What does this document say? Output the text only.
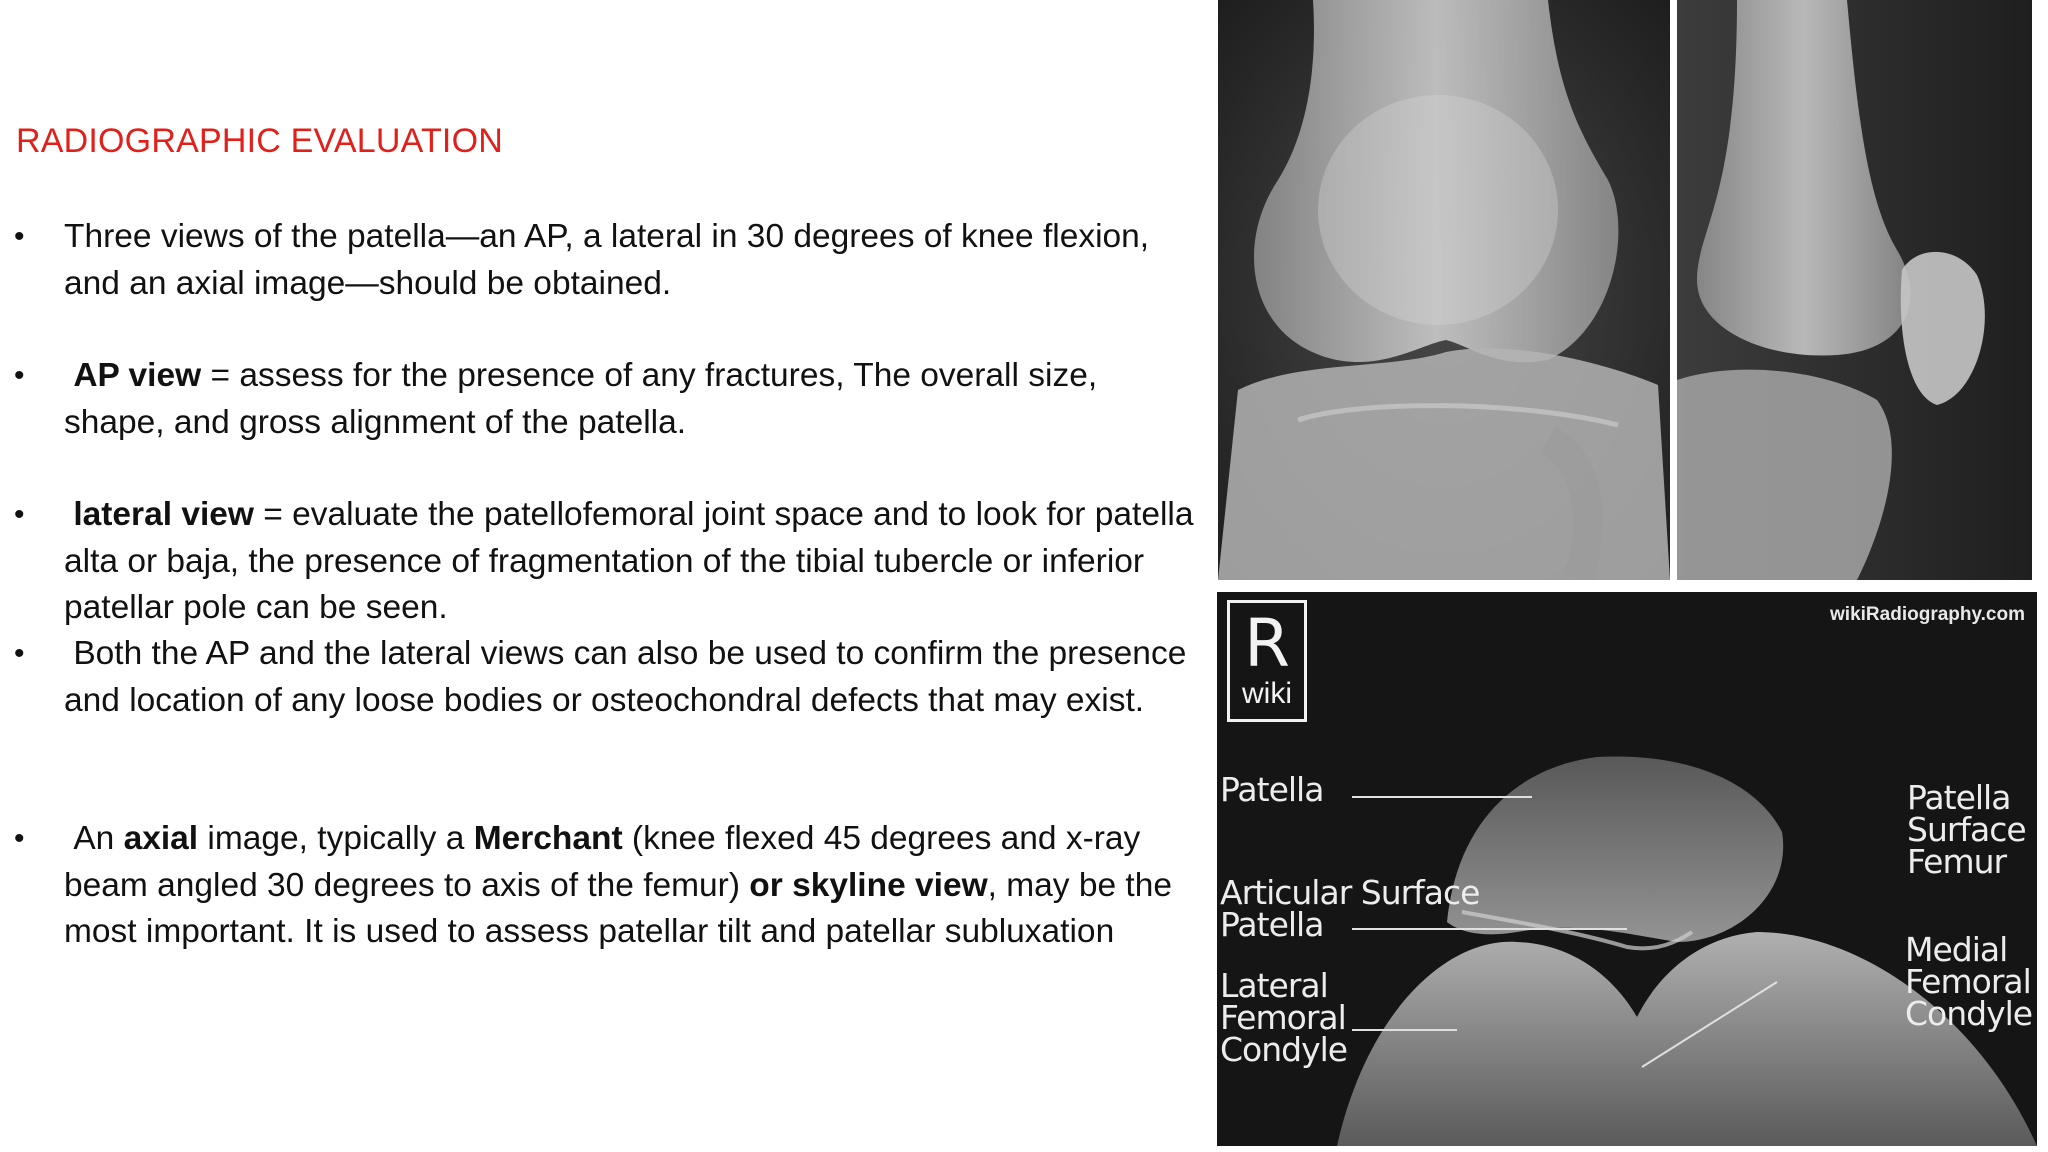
RADIOGRAPHIC EVALUATION
• Three views of the patella—an AP, a lateral in 30 degrees of knee flexion, and an axial image—should be obtained.
• AP view = assess for the presence of any fractures, The overall size, shape, and gross alignment of the patella.
• lateral view = evaluate the patellofemoral joint space and to look for patella alta or baja, the presence of fragmentation of the tibial tubercle or inferior patellar pole can be seen.
• Both the AP and the lateral views can also be used to confirm the presence and location of any loose bodies or osteochondral defects that may exist.
• An axial image, typically a Merchant (knee flexed 45 degrees and x-ray beam angled 30 degrees to axis of the femur) or skyline view, may be the most important. It is used to assess patellar tilt and patellar subluxation
R
wiki
wikiRadiography.com
Patella
Articular Surface
Patella
Lateral
Femoral
Condyle
Patella
Surface
Femur
Medial
Femoral
Condyle
